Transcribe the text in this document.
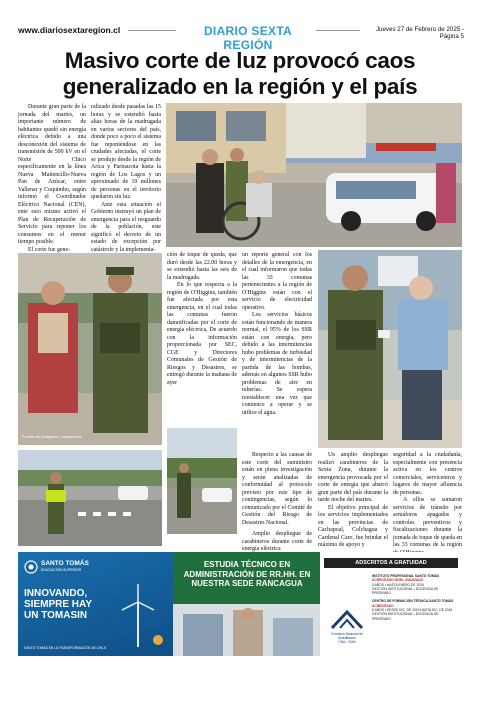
www.diariosextaregion.cl	DIARIO SEXTA REGIÓN
Jueves 27 de Febrero de 2025 - Página 5
Masivo corte de luz provocó caos generalizado en la región y el país

Durante gran parte de la jornada del martes, un importante número de habitantes quedó sin energía eléctrica debido a una desconexión del sistema de transmisión de 500 kV en el Norte Chico específicamente en la línea Nueva Maitencillo-Nueva Pan de Azúcar, entre Vallenar y Coquimbo, según informó el Coordinador Eléctrico Nacional (CEN), ente esto mismo activó el Plan de Recuperación de Servicio para reponer los consumos en el menor tiempo posible.

El corte fue gene-

ralizado desde pasadas las 15 horas y se extendió hasta altas horas de la madrugada en varios sectores del país, donde poco a poco el sistema fue reponiéndose en las ciudades afectadas, el corte se produjo desde la región de Arica y Parinacota hasta la región de Los Lagos y un aproximado de 19 millones de personas en el territorio quedaron sin luz.

Ante esta situación el Gobierno instruyó un plan de emergencia para el resguardo de la población, este significó el decreto de un estado de excepción por catástrofe y la implementa-

Fuente de imágenes: carabineros

ción de toque de queda, que duró desde las 22.00 horas y se extendió hasta las seis de la madrugada.

En lo que respecta a la región de O'Higgins, también fue afectada por esta emergencia, en el cual todas las comunas fueron damnificadas por el corte de energía eléctrica, De acuerdo con la información proporcionada por SEC, CGE y Directores Comunales de Gestión de Riesgos y Desastres, se entregó durante la mañana de ayer

un reporte general con los detalles de la emergencia, en el cual informaron que todas las 33 comunas pertenecientes a la región de O'Higgins están con el servicio de electricidad operativo.

Los servicios básicos están funcionando de manera normal, el 95% de los SSR están con energía, pero debido a las intermitencias hubo problemas de turbiedad y de intermitencias de la partida de las bombas, además en algunos SSR hubo problemas de aire en tuberías. Se espera reestablecer una vez que comience a operar y se utilice el agua.

Respecto a las causas de este corte del suministro están en plena investigación y serán analizadas de conformidad al protocolo previsto por este tipo de contingencias, según lo comunicado por el Comité de Gestión del Riesgo de Desastres Nacional.

Amplio despliegue de carabineros durante corte de energía eléctrica

Un amplio despliegue realizó carabineros de la Sexta Zona, durante la emergencia provocada por el corte de energía que abarcó gran parte del país durante la tarde noche del martes.

El objetivo principal de los servicios implementados en las provincias de Cachapoal, Colchagua y Cardenal Caro, fue brindar el máximo de apoyo y

seguridad a la ciudadanía, especialmente con presencia activa en los centros comerciales, servicentros y lugares de mayor afluencia de personas.

A ellos se sumaron servicios de tránsito por semáforos apagados y controles preventivos y fiscalizaciones durante la jornada de toque de queda en las 33 comunas de la región

SANTO TOMÁS
EDUCACIÓN SUPERIOR
INNOVANDO,
SIEMPRE HAY
UN TOMASIN
SANTO TOMÁS EN LA TRANSFORMACIÓN DE CHILE
ESTUDIA TÉCNICO EN ADMINISTRACIÓN DE RR.HH. EN NUESTRA SEDE RANCAGUA
ADSCRITOS A GRATUIDAD
INSTITUTO PROFESIONAL SANTO TOMÁS
ACREDITADO NIVEL AVANZADO
5 AÑOS • HASTA ENERO DE 2026
GESTIÓN INSTITUCIONAL • DOCENCIA DE PREGRADO
CENTRO DE FORMACIÓN TÉCNICA SANTO TOMÁS
ACREDITADO
5 AÑOS • DESDE DIC. DE 2019 HASTA DIC. DE 2024
GESTIÓN INSTITUCIONAL • DOCENCIA DE PREGRADO
Comisión Nacional de Acreditación
CNA - Chile
